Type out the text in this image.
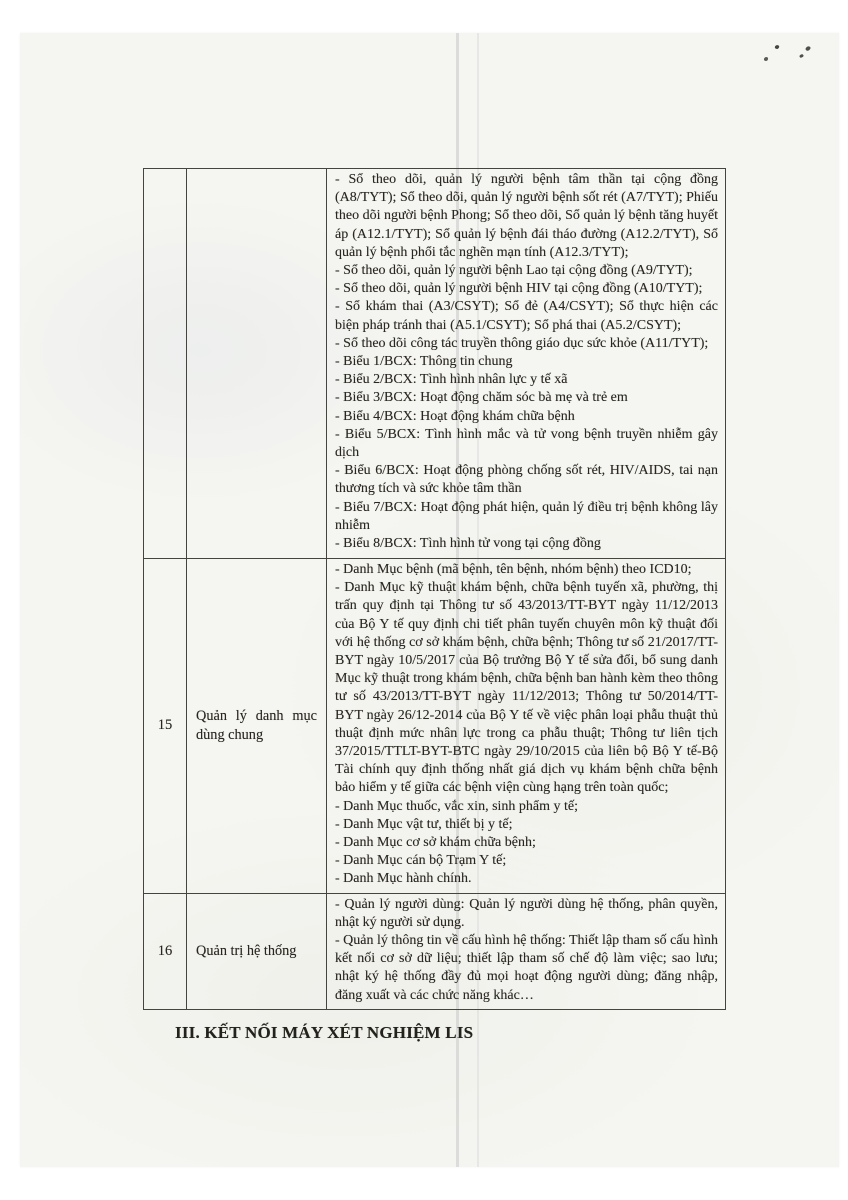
- Sổ theo dõi, quản lý người bệnh tâm thần tại cộng đồng (A8/TYT); Sổ theo dõi, quản lý người bệnh sốt rét (A7/TYT); Phiếu theo dõi người bệnh Phong; Sổ theo dõi, Sổ quản lý bệnh tăng huyết áp (A12.1/TYT); Sổ quản lý bệnh đái tháo đường (A12.2/TYT), Sổ quản lý bệnh phổi tắc nghẽn mạn tính (A12.3/TYT);

- Sổ theo dõi, quản lý người bệnh Lao tại cộng đồng (A9/TYT);

- Sổ theo dõi, quản lý người bệnh HIV tại cộng đồng (A10/TYT);

- Sổ khám thai (A3/CSYT); Sổ đẻ (A4/CSYT); Sổ thực hiện các biện pháp tránh thai (A5.1/CSYT); Sổ phá thai (A5.2/CSYT);

- Sổ theo dõi công tác truyền thông giáo dục sức khỏe (A11/TYT);

- Biểu 1/BCX: Thông tin chung

- Biểu 2/BCX: Tình hình nhân lực y tế xã

- Biểu 3/BCX: Hoạt động chăm sóc bà mẹ và trẻ em

- Biểu 4/BCX: Hoạt động khám chữa bệnh

- Biểu 5/BCX: Tình hình mắc và tử vong bệnh truyền nhiễm gây dịch

- Biểu 6/BCX: Hoạt động phòng chống sốt rét, HIV/AIDS, tai nạn thương tích và sức khỏe tâm thần

- Biểu 7/BCX: Hoạt động phát hiện, quản lý điều trị bệnh không lây nhiễm

- Biểu 8/BCX: Tình hình tử vong tại cộng đồng

15
Quản lý danh mục dùng chung

- Danh Mục bệnh (mã bệnh, tên bệnh, nhóm bệnh) theo ICD10;

- Danh Mục kỹ thuật khám bệnh, chữa bệnh tuyến xã, phường, thị trấn quy định tại Thông tư số 43/2013/TT-BYT ngày 11/12/2013 của Bộ Y tế quy định chi tiết phân tuyến chuyên môn kỹ thuật đối với hệ thống cơ sở khám bệnh, chữa bệnh; Thông tư số 21/2017/TT-BYT ngày 10/5/2017 của Bộ trưởng Bộ Y tế sửa đổi, bổ sung danh Mục kỹ thuật trong khám bệnh, chữa bệnh ban hành kèm theo thông tư số 43/2013/TT-BYT ngày 11/12/2013; Thông tư 50/2014/TT-BYT ngày 26/12-2014 của Bộ Y tế về việc phân loại phẫu thuật thủ thuật định mức nhân lực trong ca phẫu thuật; Thông tư liên tịch 37/2015/TTLT-BYT-BTC ngày 29/10/2015 của liên bộ Bộ Y tế-Bộ Tài chính quy định thống nhất giá dịch vụ khám bệnh chữa bệnh bảo hiểm y tế giữa các bệnh viện cùng hạng trên toàn quốc;

- Danh Mục thuốc, vắc xin, sinh phẩm y tế;

- Danh Mục vật tư, thiết bị y tế;

- Danh Mục cơ sở khám chữa bệnh;

- Danh Mục cán bộ Trạm Y tế;

- Danh Mục hành chính.

16 Quản trị hệ thống

- Quản lý người dùng: Quản lý người dùng hệ thống, phân quyền, nhật ký người sử dụng.

- Quản lý thông tin về cấu hình hệ thống: Thiết lập tham số cấu hình kết nối cơ sở dữ liệu; thiết lập tham số chế độ làm việc; sao lưu; nhật ký hệ thống đầy đủ mọi hoạt động người dùng; đăng nhập, đăng xuất và các chức năng khác…

III. KẾT NỐI MÁY XÉT NGHIỆM LIS
